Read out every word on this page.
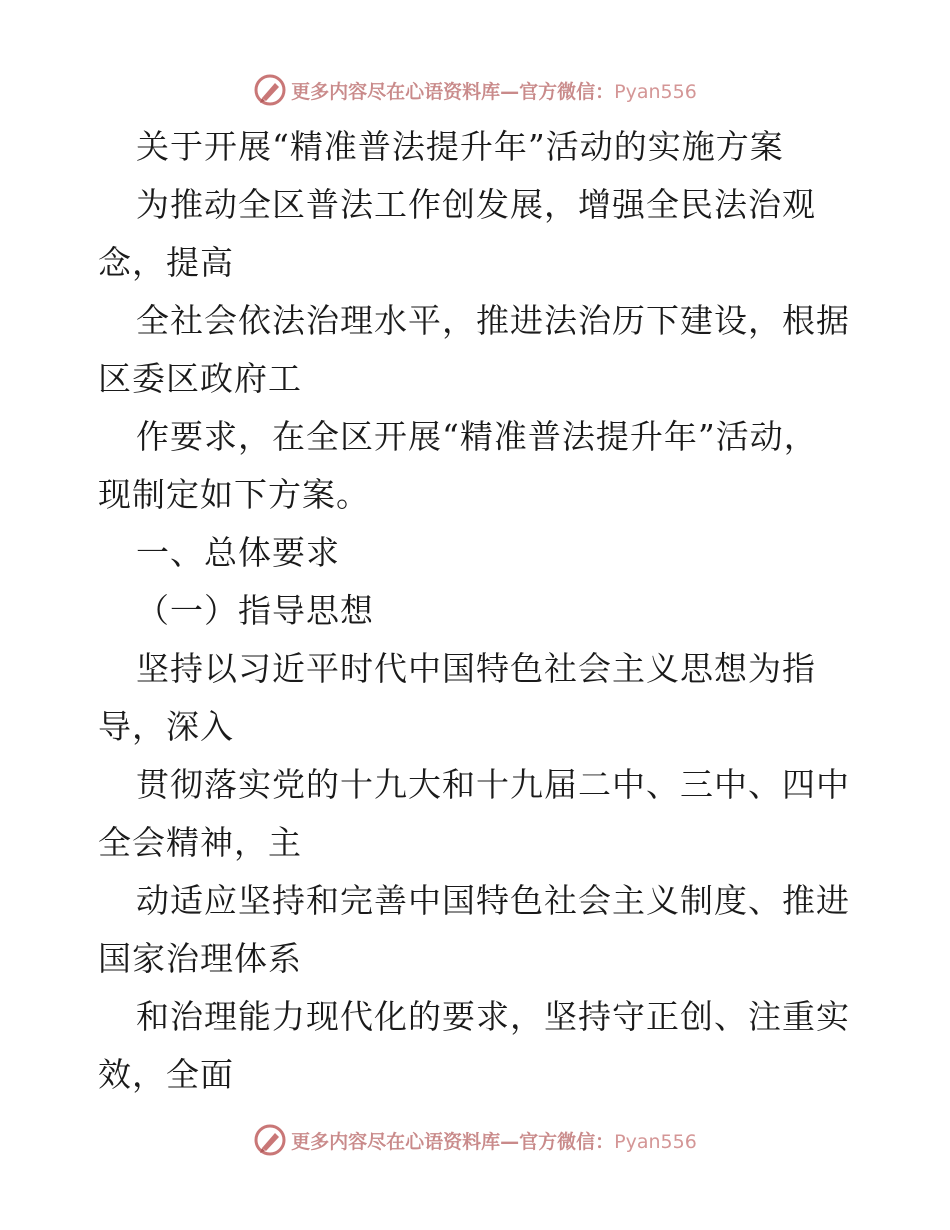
更多内容尽在心语资料库—官方微信：Pyan556
关于开展“精准普法提升年”活动的实施方案
为推动全区普法工作创发展，增强全民法治观
念，提高
全社会依法治理水平，推进法治历下建设，根据
区委区政府工
作要求，在全区开展“精准普法提升年”活动，
现制定如下方案。
一、总体要求
（一）指导思想
坚持以习近平时代中国特色社会主义思想为指
导，深入
贯彻落实党的十九大和十九届二中、三中、四中
全会精神，主
动适应坚持和完善中国特色社会主义制度、推进
国家治理体系
和治理能力现代化的要求，坚持守正创、注重实
效，全面
更多内容尽在心语资料库—官方微信：Pyan556
